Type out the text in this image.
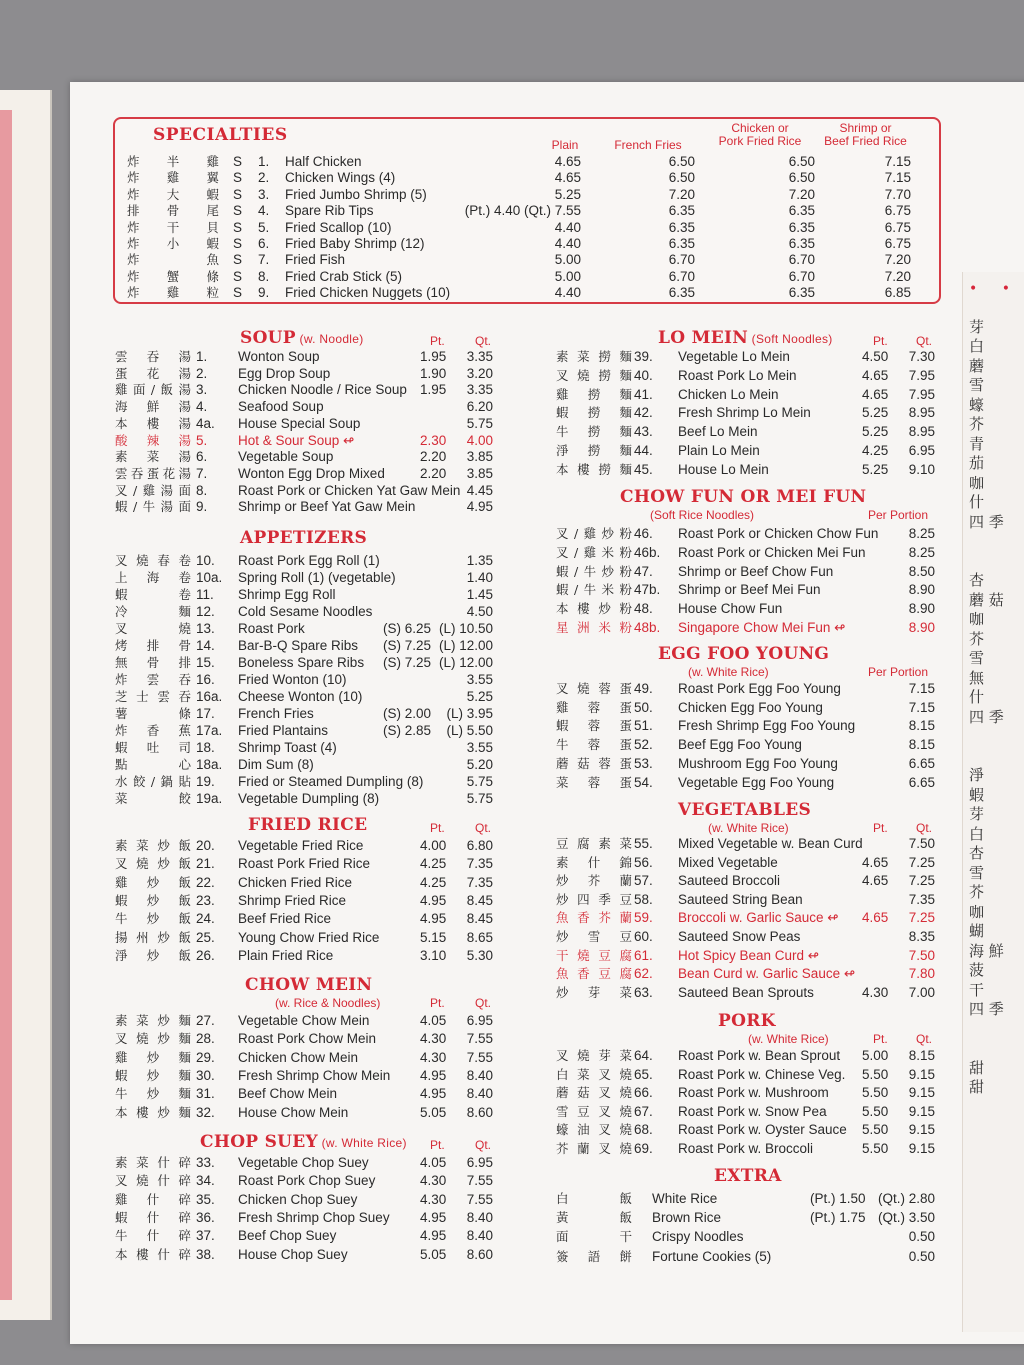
SPECIALTIES	Plain	French Fries
Chicken or
Pork Fried Rice
Shrimp or
Beef Fried Rice
炸 半 雞 S 1. Half Chicken	4.65	6.50	6.50	7.15
炸 雞 翼 S 2. Chicken Wings (4)	4.65	6.50	6.50	7.15
炸 大 蝦 S 3. Fried Jumbo Shrimp (5)	5.25	7.20	7.20	7.70
排 骨 尾 S 4. Spare Rib Tips	(Pt.) 4.40 (Qt.) 7.55	6.35	6.35	6.75
炸 干 貝 S 5. Fried Scallop (10)	4.40	6.35	6.35	6.75
炸 小 蝦 S 6. Fried Baby Shrimp (12)	4.40	6.35	6.35	6.75
炸 魚 S 7. Fried Fish	5.00	6.70	6.70	7.20
炸 蟹 條 S 8. Fried Crab Stick (5)	5.00	6.70	6.70	7.20
炸 雞 粒 S 9. Fried Chicken Nuggets (10)	4.40	6.35	6.35	6.85
SOUP (w. Noodle)	Pt.	Qt.
雲 吞 湯 1. Wonton Soup	1.95 3.35
蛋 花 湯 2. Egg Drop Soup	1.90 3.20
雞面/飯湯 3. Chicken Noodle / Rice Soup 1.95 3.35
海 鮮 湯 4. Seafood Soup	6.20
本 樓 湯 4a. House Special Soup	5.75
酸 辣 湯 5. Hot & Sour Soup ↫	2.30 4.00
素 菜 湯 6. Vegetable Soup	2.20 3.85
雲吞蛋花湯 7. Wonton Egg Drop Mixed	2.20 3.85
叉/雞湯面 8. Roast Pork or Chicken Yat Gaw Mein 4.45
蝦/牛湯面 9. Shrimp or Beef Yat Gaw Mein	4.95
APPETIZERS
叉燒春卷 10. Roast Pork Egg Roll (1)	1.35
上 海 卷 10a. Spring Roll (1) (vegetable)	1.40
蝦 卷 11. Shrimp Egg Roll	1.45
冷 麵 12. Cold Sesame Noodles	4.50
叉 燒 13. Roast Pork	(S) 6.25 (L) 10.50
烤 排 骨 14. Bar-B-Q Spare Ribs (S) 7.25 (L) 12.00
無 骨 排 15. Boneless Spare Ribs (S) 7.25 (L) 12.00
炸 雲 吞 16. Fried Wonton (10)	3.55
芝士雲吞 16a. Cheese Wonton (10)	5.25
薯 條 17. French Fries	(S) 2.00 (L) 3.95
炸 香 蕉 17a. Fried Plantains	(S) 2.85 (L) 5.50
蝦 吐 司 18. Shrimp Toast (4)	3.55
點 心 18a. Dim Sum (8)	5.20
水餃/鍋貼 19. Fried or Steamed Dumpling (8)	5.75
菜 餃 19a. Vegetable Dumpling (8)	5.75
FRIED RICE	Pt.	Qt.
素菜炒飯 20. Vegetable Fried Rice	4.00 6.80
叉燒炒飯 21. Roast Pork Fried Rice	4.25 7.35
雞 炒 飯 22. Chicken Fried Rice	4.25 7.35
蝦 炒 飯 23. Shrimp Fried Rice	4.95 8.45
牛 炒 飯 24. Beef Fried Rice	4.95 8.45
揚州炒飯 25. Young Chow Fried Rice	5.15 8.65
淨 炒 飯 26. Plain Fried Rice	3.10 5.30
CHOW MEIN
(w. Rice & Noodles)	Pt.	Qt.
素菜炒麵 27. Vegetable Chow Mein	4.05 6.95
叉燒炒麵 28. Roast Pork Chow Mein	4.30 7.55
雞 炒 麵 29. Chicken Chow Mein	4.30 7.55
蝦 炒 麵 30. Fresh Shrimp Chow Mein 4.95 8.40
牛 炒 麵 31. Beef Chow Mein	4.95 8.40
本樓炒麵 32. House Chow Mein	5.05 8.60
CHOP SUEY (w. White Rice) Pt.	Qt.
素菜什碎 33. Vegetable Chop Suey	4.05 6.95
叉燒什碎 34. Roast Pork Chop Suey	4.30 7.55
雞 什 碎 35. Chicken Chop Suey	4.30 7.55
蝦 什 碎 36. Fresh Shrimp Chop Suey 4.95 8.40
牛 什 碎 37. Beef Chop Suey	4.95 8.40
本樓什碎 38. House Chop Suey	5.05 8.60
LO MEIN (Soft Noodles)	Pt. Qt.
素菜撈麵 39. Vegetable Lo Mein	4.50 7.30
叉燒撈麵 40. Roast Pork Lo Mein	4.65 7.95
雞 撈 麵 41. Chicken Lo Mein	4.65 7.95
蝦 撈 麵 42. Fresh Shrimp Lo Mein	5.25 8.95
牛 撈 麵 43. Beef Lo Mein	5.25 8.95
淨 撈 麵 44. Plain Lo Mein	4.25 6.95
本樓撈麵 45. House Lo Mein	5.25 9.10
CHOW FUN OR MEI FUN
(Soft Rice Noodles)	Per Portion
叉/雞炒粉 46. Roast Pork or Chicken Chow Fun 8.25
叉/雞米粉 46b. Roast Pork or Chicken Mei Fun	8.25
蝦/牛炒粉 47. Shrimp or Beef Chow Fun	8.50
蝦/牛米粉 47b. Shrimp or Beef Mei Fun	8.90
本樓炒粉 48. House Chow Fun	8.90
星洲米粉 48b. Singapore Chow Mei Fun ↫	8.90
EGG FOO YOUNG
(w. White Rice)	Per Portion
叉燒蓉蛋 49. Roast Pork Egg Foo Young	7.15
雞 蓉 蛋 50. Chicken Egg Foo Young	7.15
蝦 蓉 蛋 51. Fresh Shrimp Egg Foo Young	8.15
牛 蓉 蛋 52. Beef Egg Foo Young	8.15
蘑菇蓉蛋 53. Mushroom Egg Foo Young	6.65
菜 蓉 蛋 54. Vegetable Egg Foo Young	6.65
VEGETABLES
(w. White Rice)	Pt. Qt.
豆腐素菜 55. Mixed Vegetable w. Bean Curd	7.50
素 什 錦 56. Mixed Vegetable	4.65 7.25
炒 芥 蘭 57. Sauteed Broccoli	4.65 7.25
炒四季豆 58. Sauteed String Bean	7.35
魚香芥蘭 59. Broccoli w. Garlic Sauce ↫ 4.65 7.25
炒 雪 豆 60. Sauteed Snow Peas	8.35
干燒豆腐 61. Hot Spicy Bean Curd ↫	7.50
魚香豆腐 62. Bean Curd w. Garlic Sauce ↫	7.80
炒 芽 菜 63. Sauteed Bean Sprouts	4.30 7.00
PORK
(w. White Rice)	Pt. Qt.
叉燒芽菜 64. Roast Pork w. Bean Sprout 5.00 8.15
白菜叉燒 65. Roast Pork w. Chinese Veg. 5.50 9.15
蘑菇叉燒 66. Roast Pork w. Mushroom 5.50 9.15
雪豆叉燒 67. Roast Pork w. Snow Pea	5.50 9.15
蠔油叉燒 68. Roast Pork w. Oyster Sauce 5.50 9.15
芥蘭叉燒 69. Roast Pork w. Broccoli	5.50 9.15
EXTRA
白 飯 White Rice	(Pt.) 1.50 (Qt.) 2.80
黃 飯 Brown Rice	(Pt.) 1.75 (Qt.) 3.50
面 干 Crispy Noodles	0.50
簽 語 餅 Fortune Cookies (5)	0.50
• •
芽
白
蘑
雪
蠔
芥
青
茄
咖
什
四 季

杏
蘑 菇
咖
芥
雪
無
什
四 季

淨
蝦
芽
白
杏
雪
芥
咖
蝴
海 鮮
菠
干
四 季

甜
甜
